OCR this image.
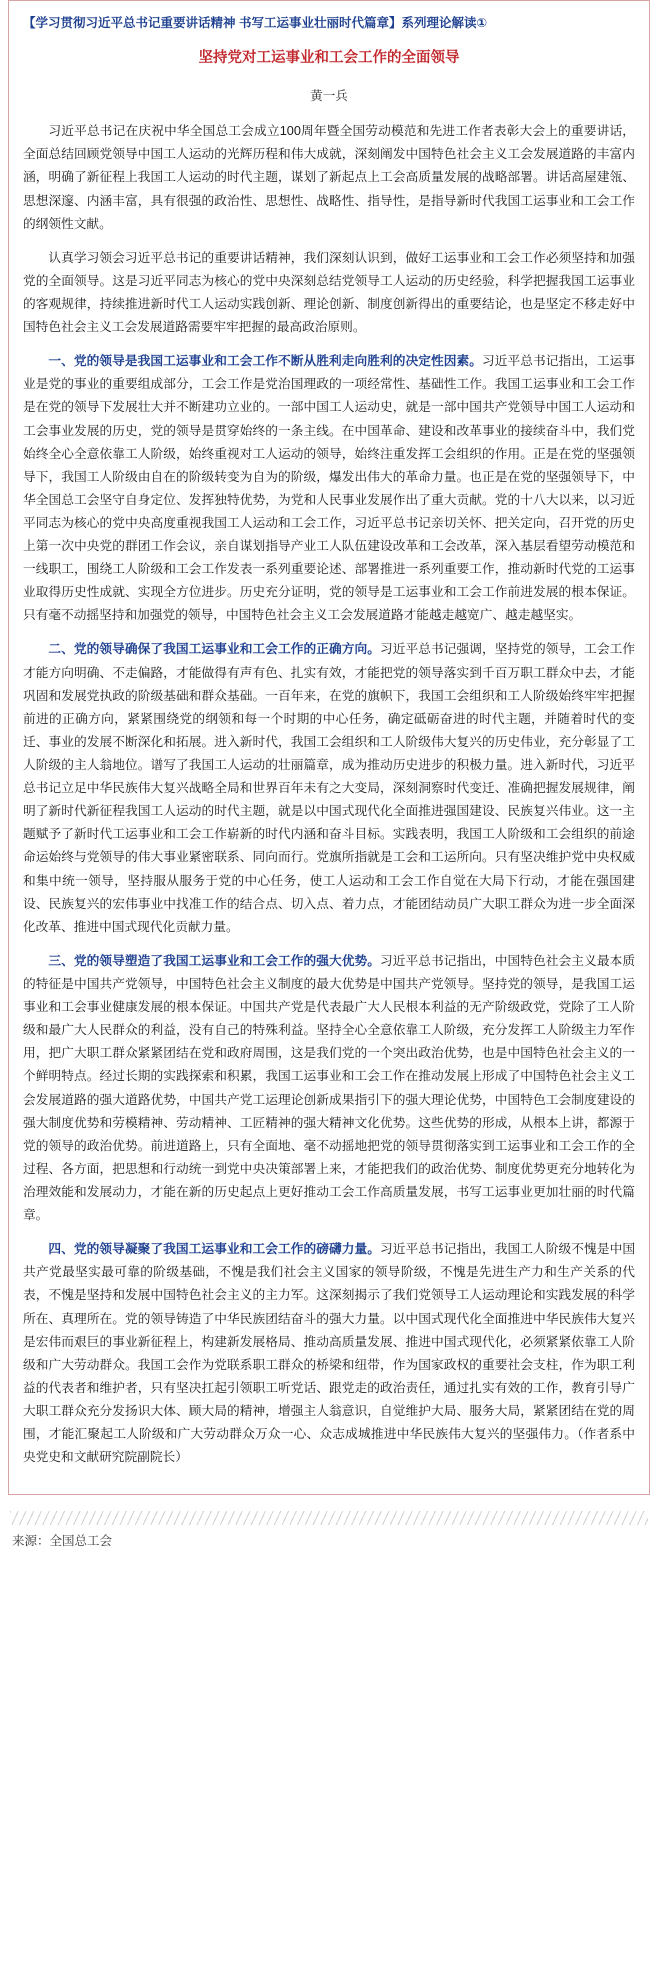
【学习贯彻习近平总书记重要讲话精神 书写工运事业壮丽时代篇章】系列理论解读①
坚持党对工运事业和工会工作的全面领导
黄一兵

习近平总书记在庆祝中华全国总工会成立100周年暨全国劳动模范和先进工作者表彰大会上的重要讲话，全面总结回顾党领导中国工人运动的光辉历程和伟大成就，深刻阐发中国特色社会主义工会发展道路的丰富内涵，明确了新征程上我国工人运动的时代主题，谋划了新起点上工会高质量发展的战略部署。讲话高屋建瓴、思想深邃、内涵丰富，具有很强的政治性、思想性、战略性、指导性，是指导新时代我国工运事业和工会工作的纲领性文献。

认真学习领会习近平总书记的重要讲话精神，我们深刻认识到，做好工运事业和工会工作必须坚持和加强党的全面领导。这是习近平同志为核心的党中央深刻总结党领导工人运动的历史经验，科学把握我国工运事业的客观规律，持续推进新时代工人运动实践创新、理论创新、制度创新得出的重要结论，也是坚定不移走好中国特色社会主义工会发展道路需要牢牢把握的最高政治原则。

一、党的领导是我国工运事业和工会工作不断从胜利走向胜利的决定性因素。习近平总书记指出，工运事业是党的事业的重要组成部分，工会工作是党治国理政的一项经常性、基础性工作。我国工运事业和工会工作是在党的领导下发展壮大并不断建功立业的。一部中国工人运动史，就是一部中国共产党领导中国工人运动和工会事业发展的历史，党的领导是贯穿始终的一条主线。在中国革命、建设和改革事业的接续奋斗中，我们党始终全心全意依靠工人阶级，始终重视对工人运动的领导，始终注重发挥工会组织的作用。正是在党的坚强领导下，我国工人阶级由自在的阶级转变为自为的阶级，爆发出伟大的革命力量。也正是在党的坚强领导下，中华全国总工会坚守自身定位、发挥独特优势，为党和人民事业发展作出了重大贡献。党的十八大以来，以习近平同志为核心的党中央高度重视我国工人运动和工会工作，习近平总书记亲切关怀、把关定向，召开党的历史上第一次中央党的群团工作会议，亲自谋划指导产业工人队伍建设改革和工会改革，深入基层看望劳动模范和一线职工，围绕工人阶级和工会工作发表一系列重要论述、部署推进一系列重要工作，推动新时代党的工运事业取得历史性成就、实现全方位进步。历史充分证明，党的领导是工运事业和工会工作前进发展的根本保证。只有毫不动摇坚持和加强党的领导，中国特色社会主义工会发展道路才能越走越宽广、越走越坚实。

二、党的领导确保了我国工运事业和工会工作的正确方向。习近平总书记强调，坚持党的领导，工会工作才能方向明确、不走偏路，才能做得有声有色、扎实有效，才能把党的领导落实到千百万职工群众中去，才能巩固和发展党执政的阶级基础和群众基础。一百年来，在党的旗帜下，我国工会组织和工人阶级始终牢牢把握前进的正确方向，紧紧围绕党的纲领和每一个时期的中心任务，确定砥砺奋进的时代主题，并随着时代的变迁、事业的发展不断深化和拓展。进入新时代，我国工会组织和工人阶级伟大复兴的历史伟业，充分彰显了工人阶级的主人翁地位。谱写了我国工人运动的壮丽篇章，成为推动历史进步的积极力量。进入新时代，习近平总书记立足中华民族伟大复兴战略全局和世界百年未有之大变局，深刻洞察时代变迁、准确把握发展规律，阐明了新时代新征程我国工人运动的时代主题，就是以中国式现代化全面推进强国建设、民族复兴伟业。这一主题赋予了新时代工运事业和工会工作崭新的时代内涵和奋斗目标。实践表明，我国工人阶级和工会组织的前途命运始终与党领导的伟大事业紧密联系、同向而行。党旗所指就是工会和工运所向。只有坚决维护党中央权威和集中统一领导，坚持服从服务于党的中心任务，使工人运动和工会工作自觉在大局下行动，才能在强国建设、民族复兴的宏伟事业中找准工作的结合点、切入点、着力点，才能团结动员广大职工群众为进一步全面深化改革、推进中国式现代化贡献力量。

三、党的领导塑造了我国工运事业和工会工作的强大优势。习近平总书记指出，中国特色社会主义最本质的特征是中国共产党领导，中国特色社会主义制度的最大优势是中国共产党领导。坚持党的领导，是我国工运事业和工会事业健康发展的根本保证。中国共产党是代表最广大人民根本利益的无产阶级政党，党除了工人阶级和最广大人民群众的利益，没有自己的特殊利益。坚持全心全意依靠工人阶级，充分发挥工人阶级主力军作用，把广大职工群众紧紧团结在党和政府周围，这是我们党的一个突出政治优势，也是中国特色社会主义的一个鲜明特点。经过长期的实践探索和积累，我国工运事业和工会工作在推动发展上形成了中国特色社会主义工会发展道路的强大道路优势，中国共产党工运理论创新成果指引下的强大理论优势，中国特色工会制度建设的强大制度优势和劳模精神、劳动精神、工匠精神的强大精神文化优势。这些优势的形成，从根本上讲，都源于党的领导的政治优势。前进道路上，只有全面地、毫不动摇地把党的领导贯彻落实到工运事业和工会工作的全过程、各方面，把思想和行动统一到党中央决策部署上来，才能把我们的政治优势、制度优势更充分地转化为治理效能和发展动力，才能在新的历史起点上更好推动工会工作高质量发展，书写工运事业更加壮丽的时代篇章。

四、党的领导凝聚了我国工运事业和工会工作的磅礴力量。习近平总书记指出，我国工人阶级不愧是中国共产党最坚实最可靠的阶级基础，不愧是我们社会主义国家的领导阶级，不愧是先进生产力和生产关系的代表，不愧是坚持和发展中国特色社会主义的主力军。这深刻揭示了我们党领导工人运动理论和实践发展的科学所在、真理所在。党的领导铸造了中华民族团结奋斗的强大力量。以中国式现代化全面推进中华民族伟大复兴是宏伟而艰巨的事业新征程上，构建新发展格局、推动高质量发展、推进中国式现代化，必须紧紧依靠工人阶级和广大劳动群众。我国工会作为党联系职工群众的桥梁和纽带，作为国家政权的重要社会支柱，作为职工利益的代表者和维护者，只有坚决扛起引领职工听党话、跟党走的政治责任，通过扎实有效的工作，教育引导广大职工群众充分发扬识大体、顾大局的精神，增强主人翁意识，自觉维护大局、服务大局，紧紧团结在党的周围，才能汇聚起工人阶级和广大劳动群众万众一心、众志成城推进中华民族伟大复兴的坚强伟力。（作者系中央党史和文献研究院副院长）

来源：全国总工会
